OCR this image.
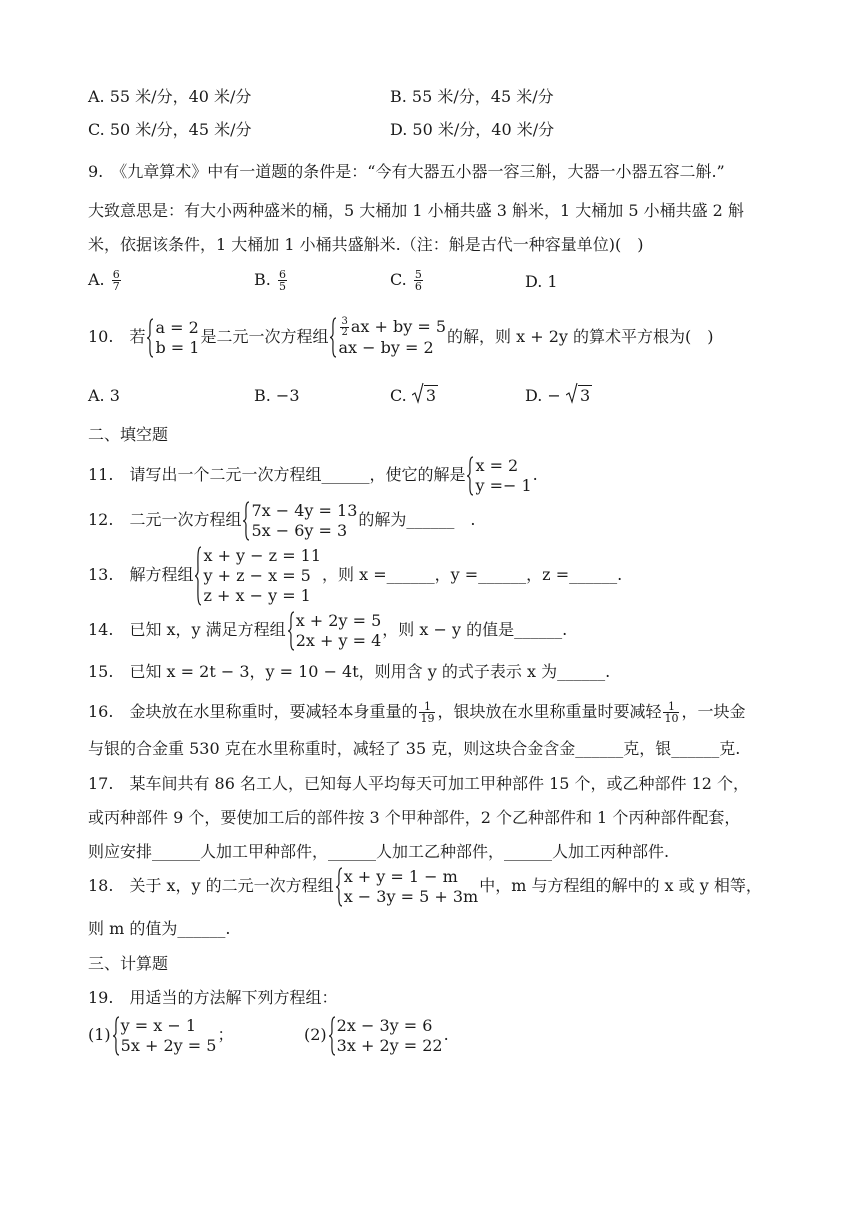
A. 55 米/分，40 米/分	B. 55 米/分，45 米/分
C. 50 米/分，45 米/分	D. 50 米/分，40 米/分
9.　《九章算术》中有一道题的条件是：“今有大器五小器一容三斛，大器一小器五容二斛.”
大致意思是：有大小两种盛米的桶，5 大桶加 1 小桶共盛 3 斛米，1 大桶加 5 小桶共盛 2 斛
米，依据该条件，1 大桶加 1 小桶共盛斛米.（注：斛是古代一种容量单位)(　)
A. $\frac{6}{7}$	B. $\frac{6}{5}$	C. $\frac{5}{6}$	D. 1
10.　若 a = 2
b = 1
是二元一次方程组 $\frac{3}{2}$ ax + by = 5
ax − by = 2
的解，则 x + 2y 的算术平方根为(　)
A. 3	B. −3	C. 3	D. − 3
二、填空题
11.　请写出一个二元一次方程组______，使它的解是 x = 2
y =− 1
.
12.　二元一次方程组 7x − 4y = 13
5x − 6y = 3
的解为______　.
13.　解方程组
x + y − z = 11
y + z − x = 5
z + x − y = 1
，则 x =______，y =______，z =______.
14.　已知 x，y 满足方程组 x + 2y = 5
2x + y = 4
，则 x − y 的值是______.
15.　已知 x = 2t − 3，y = 10 − 4t，则用含 y 的式子表示 x 为______.
16.　金块放在水里称重时，要减轻本身重量的 $\frac{1}{19}$ ，银块放在水里称重量时要减轻 $\frac{1}{10}$ ，一块金
与银的合金重 530 克在水里称重时，减轻了 35 克，则这块合金含金______克，银______克.
17.　某车间共有 86 名工人，已知每人平均每天可加工甲种部件 15 个，或乙种部件 12 个，
或丙种部件 9 个，要使加工后的部件按 3 个甲种部件，2 个乙种部件和 1 个丙种部件配套，
则应安排______人加工甲种部件，______人加工乙种部件，______人加工丙种部件.
18.　关于 x，y 的二元一次方程组 x + y = 1 − m
x − 3y = 5 + 3m
中，m 与方程组的解中的 x 或 y 相等，
则 m 的值为______.
三、计算题
19.　用适当的方法解下列方程组：
(1) y = x − 1
5x + 2y = 5
；	(2) 2x − 3y = 6
3x + 2y = 22
.
